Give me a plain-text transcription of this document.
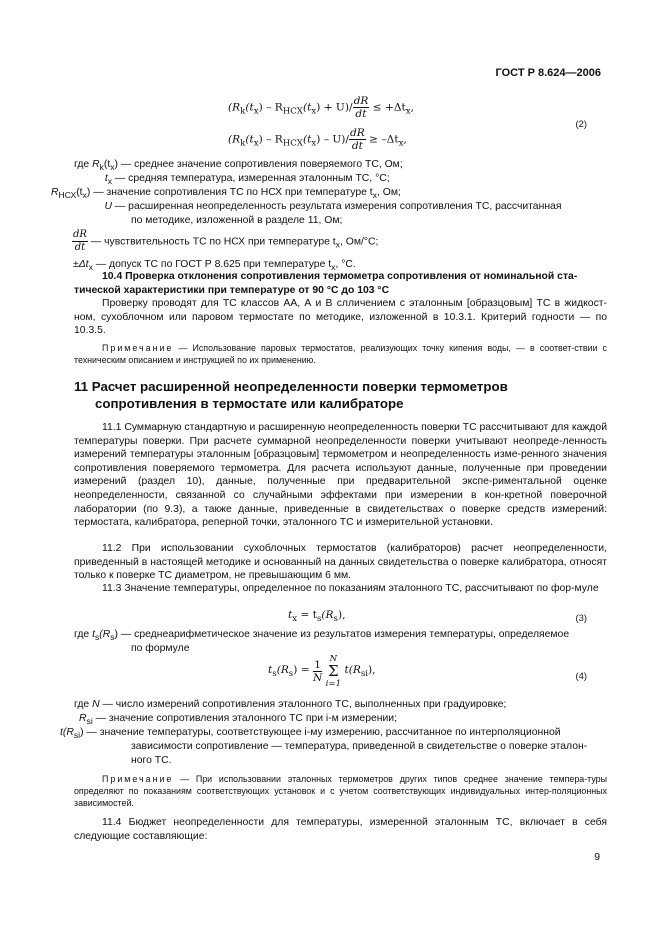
ГОСТ Р 8.624—2006
$(R_k(t_x) - R_{НСХ}(t_x) + U)/ \frac{dR}{dt} \le +\Delta t_x$,
(2)
$(R_k(t_x) - R_{НСХ}(t_x) - U)/ \frac{dR}{dt} \ge -\Delta t_x$,
где $R_k(t_x)$ — среднее значение сопротивления поверяемого ТС, Ом;
$t_x$ — средняя температура, измеренная эталонным ТС, °С;
$R_{НСХ}(t_x)$ — значение сопротивления ТС по НСХ при температуре $t_x$, Ом;
U — расширенная неопределенность результата измерения сопротивления ТС, рассчитанная
по методике, изложенной в разделе 11, Ом;
$\frac{dR}{dt}$ — чувствительность ТС по НСХ при температуре $t_x$, Ом/°С;
$\pm\Delta t_x$ — допуск ТС по ГОСТ Р 8.625 при температуре $t_x$, °С.
10.4 Проверка отклонения сопротивления термометра сопротивления от номинальной ста-
тической характеристики при температуре от 90 °С до 103 °С
Проверку проводят для ТС классов АА, А и В слличением с эталонным [образцовым] ТС в жидкост-ном, сухоблочном или паровом термостате по методике, изложенной в 10.3.1. Критерий годности — по 10.3.5.
Примечание — Использование паровых термостатов, реализующих точку кипения воды, — в соответ-ствии с техническим описанием и инструкцией по их применению.
11 Расчет расширенной неопределенности поверки термометров
сопротивления в термостате или калибраторе
11.1 Суммарную стандартную и расширенную неопределенность поверки ТС рассчитывают для каждой температуры поверки. При расчете суммарной неопределенности поверки учитывают неопреде-ленность измерений температуры эталонным [образцовым] термометром и неопределенность изме-ренного значения сопротивления поверяемого термометра. Для расчета используют данные, полученные при проведении измерений (раздел 10), данные, полученные при предварительной экспе-риментальной оценке неопределенности, связанной со случайными эффектами при измерении в кон-кретной поверочной лаборатории (по 9.3), а также данные, приведенные в свидетельствах о поверке средств измерений: термостата, калибратора, реперной точки, эталонного ТС и измерительной установки.
11.2 При использовании сухоблочных термостатов (калибраторов) расчет неопределенности, приведенный в настоящей методике и основанный на данных свидетельства о поверке калибратора, относят только к поверке ТС диаметром, не превышающим 6 мм.
11.3 Значение температуры, определенное по показаниям эталонного ТС, рассчитывают по фор-муле
$t_x = t_s(R_s)$,	(3)
где $t_s(R_s)$ — среднеарифметическое значение из результатов измерения температуры, определяемое
по формуле
$t_s(R_s) = \frac{1}{N}$
N
Σ
i=1
$t(R_{si})$,	(4)
где N — число измерений сопротивления эталонного ТС, выполненных при градуировке;
$R_{si}$ — значение сопротивления эталонного ТС при i-м измерении;
$t(R_{si})$ — значение температуры, соответствующее i-му измерению, рассчитанное по интерполяционной
зависимости сопротивление — температура, приведенной в свидетельстве о поверке эталон-
ного ТС.
Примечание — При использовании эталонных термометров других типов среднее значение темпера-туры определяют по показаниям соответствующих установок и с учетом соответствующих индивидуальных интер-поляционных зависимостей.
11.4 Бюджет неопределенности для температуры, измеренной эталонным ТС, включает в себя следующие составляющие:
9
